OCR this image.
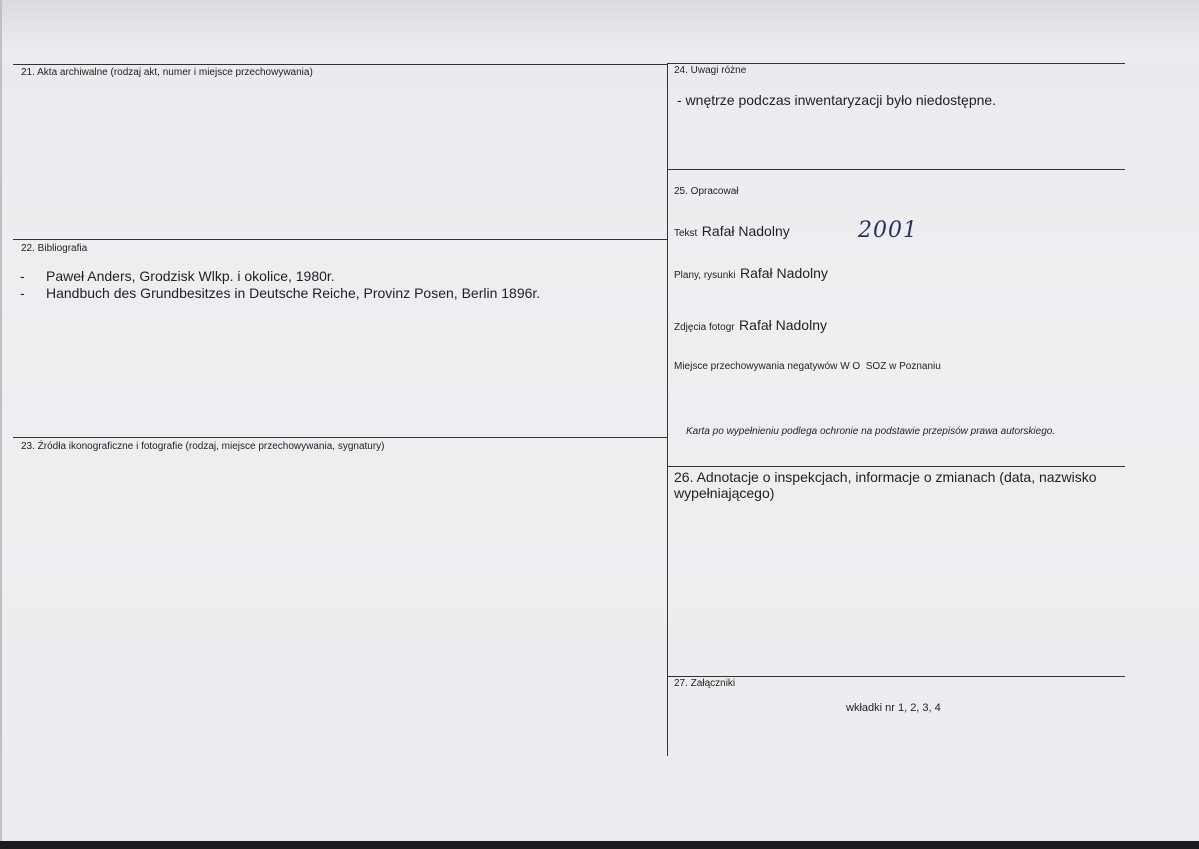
21. Akta archiwalne (rodzaj akt, numer i miejsce przechowywania)
22. Bibliografia
- Paweł Anders, Grodzisk Wlkp. i okolice, 1980r.
- Handbuch des Grundbesitzes in Deutsche Reiche, Provinz Posen, Berlin 1896r.
23. Źródła ikonograficzne i fotografie (rodzaj, miejsce przechowywania, sygnatury)
24. Uwagi różne
- wnętrze podczas inwentaryzacji było niedostępne.
25. Opracował
Tekst Rafał Nadolny	2001
Plany, rysunki Rafał Nadolny
Zdjęcia fotogr Rafał Nadolny
Miejsce przechowywania negatywów W O  SOZ w Poznaniu
Karta po wypełnieniu podlega ochronie na podstawie przepisów prawa autorskiego.
26. Adnotacje o inspekcjach, informacje o zmianach (data, nazwisko wypełniającego)
27. Załączniki
wkładki nr 1, 2, 3, 4
